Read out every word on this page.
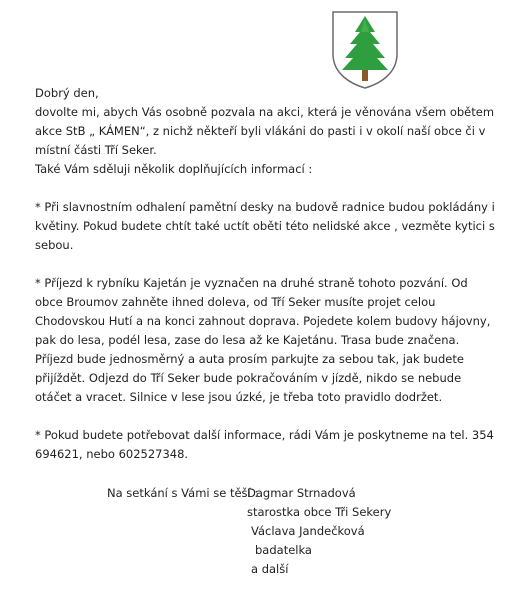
Dobrý den,

dovolte mi, abych Vás osobně pozvala na akci, která je věnována všem obětem akce StB „ KÁMEN“, z nichž někteří byli vlákáni do pasti i v okolí naší obce či v místní části Tří Seker.

Také Vám sděluji několik doplňujících informací :

* Při slavnostním odhalení pamětní desky na budově radnice budou pokládány i květiny. Pokud budete chtít také uctít oběti této nelidské akce , vezměte kytici s sebou.

* Příjezd k rybníku Kajetán je vyznačen na druhé straně tohoto pozvání. Od obce Broumov zahněte ihned doleva, od Tří Seker musíte projet celou Chodovskou Hutí a na konci zahnout doprava. Pojedete kolem budovy hájovny, pak do lesa, podél lesa, zase do lesa až ke Kajetánu. Trasa bude značena. Příjezd bude jednosměrný a auta prosím parkujte za sebou tak, jak budete přijíždět. Odjezd do Tří Seker bude pokračováním v jízdě, nikdo se nebude otáčet a vracet. Silnice v lese jsou úzké, je třeba toto pravidlo dodržet.

* Pokud budete potřebovat další informace, rádi Vám je poskytneme na tel. 354 694621, nebo 602527348.

Na setkání s Vámi se těší :
Dagmar Strnadová
starostka obce Tři Sekery
Václava Jandečková
badatelka
a další
